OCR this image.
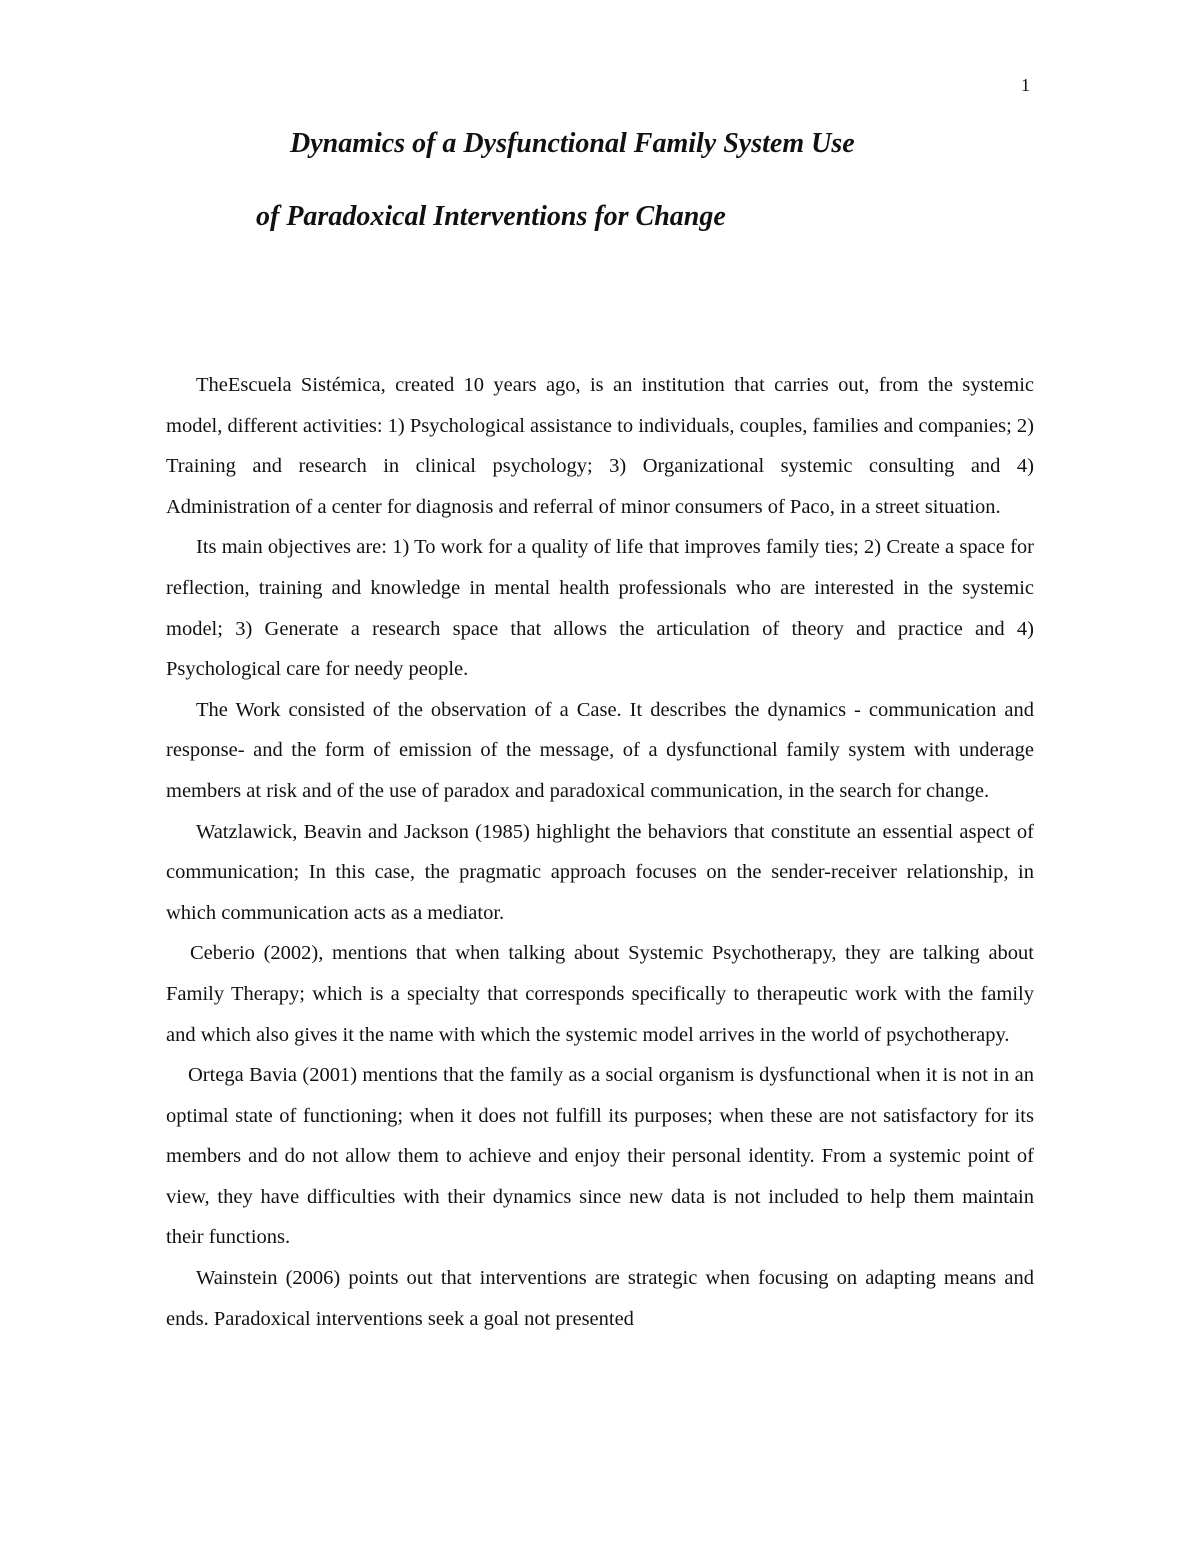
1
Dynamics of a Dysfunctional Family System Use
of Paradoxical Interventions for Change

TheEscuela Sistémica, created 10 years ago, is an institution that carries out, from the systemic model, different activities: 1) Psychological assistance to individuals, couples, families and companies; 2) Training and research in clinical psychology; 3) Organizational systemic consulting and 4) Administration of a center for diagnosis and referral of minor consumers of Paco, in a street situation.

Its main objectives are: 1) To work for a quality of life that improves family ties; 2) Create a space for reflection, training and knowledge in mental health professionals who are interested in the systemic model; 3) Generate a research space that allows the articulation of theory and practice and 4) Psychological care for needy people.

The Work consisted of the observation of a Case. It describes the dynamics - communication and response- and the form of emission of the message, of a dysfunctional family system with underage members at risk and of the use of paradox and paradoxical communication, in the search for change.

Watzlawick, Beavin and Jackson (1985) highlight the behaviors that constitute an essential aspect of communication; In this case, the pragmatic approach focuses on the sender-receiver relationship, in which communication acts as a mediator.

Ceberio (2002), mentions that when talking about Systemic Psychotherapy, they are talking about Family Therapy; which is a specialty that corresponds specifically to therapeutic work with the family and which also gives it the name with which the systemic model arrives in the world of psychotherapy.

Ortega Bavia (2001) mentions that the family as a social organism is dysfunctional when it is not in an optimal state of functioning; when it does not fulfill its purposes; when these are not satisfactory for its members and do not allow them to achieve and enjoy their personal identity. From a systemic point of view, they have difficulties with their dynamics since new data is not included to help them maintain their functions.

Wainstein (2006) points out that interventions are strategic when focusing on adapting means and ends. Paradoxical interventions seek a goal not presented
